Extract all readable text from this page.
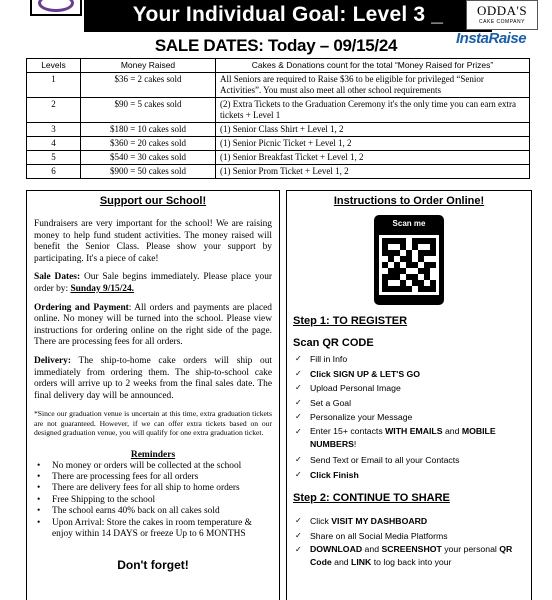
Your Individual Goal: Level 3 _	ODDA'S
CAKE COMPANY
SALE DATES: Today – 09/15/24	InstaRaise
Levels	Money Raised	Cakes & Donations count for the total “Money Raised for Prizes”
1	$36 = 2 cakes sold	All Seniors are required to Raise $36 to be eligible for privileged “Senior Activities”. You must also meet all other school requirements
2	$90 = 5 cakes sold	(2) Extra Tickets to the Graduation Ceremony it's the only time you can earn extra tickets + Level 1
3	$180 = 10 cakes sold	(1) Senior Class Shirt + Level 1, 2
4	$360 = 20 cakes sold	(1) Senior Picnic Ticket + Level 1, 2
5	$540 = 30 cakes sold	(1) Senior Breakfast Ticket + Level 1, 2
6	$900 = 50 cakes sold	(1) Senior Prom Ticket + Level 1, 2
Support our School!

Fundraisers are very important for the school! We are raising money to help fund student activities. The money raised will benefit the Senior Class. Please show your support by participating. It's a piece of cake!

Sale Dates: Our Sale begins immediately. Please place your order by: Sunday 9/15/24.

Ordering and Payment: All orders and payments are placed online. No money will be turned into the school. Please view instructions for ordering online on the right side of the page. There are processing fees for all orders.

Delivery: The ship-to-home cake orders will ship out immediately from ordering them. The ship-to-school cake orders will arrive up to 2 weeks from the final sales date. The final delivery day will be announced.

*Since our graduation venue is uncertain at this time, extra graduation tickets are not guaranteed. However, if we can offer extra tickets based on our designed graduation venue, you will qualify for one extra graduation ticket.

Reminders
• No money or orders will be collected at the school
• There are processing fees for all orders
• There are delivery fees for all ship to home orders
• Free Shipping to the school
• The school earns 40% back on all cakes sold
• Upon Arrival: Store the cakes in room temperature & enjoy within 14 DAYS or freeze Up to 6 MONTHS
Don't forget!
Instructions to Order Online!
Scan me
Step 1: TO REGISTER
Scan QR CODE
✓ Fill in Info
✓ Click SIGN UP & LET'S GO
✓ Upload Personal Image
✓ Set a Goal
✓ Personalize your Message
✓ Enter 15+ contacts WITH EMAILS and MOBILE NUMBERS!
✓ Send Text or Email to all your Contacts
✓ Click Finish
Step 2: CONTINUE TO SHARE
✓ Click VISIT MY DASHBOARD
✓ Share on all Social Media Platforms
✓ DOWNLOAD and SCREENSHOT your personal QR Code and LINK to log back into your
